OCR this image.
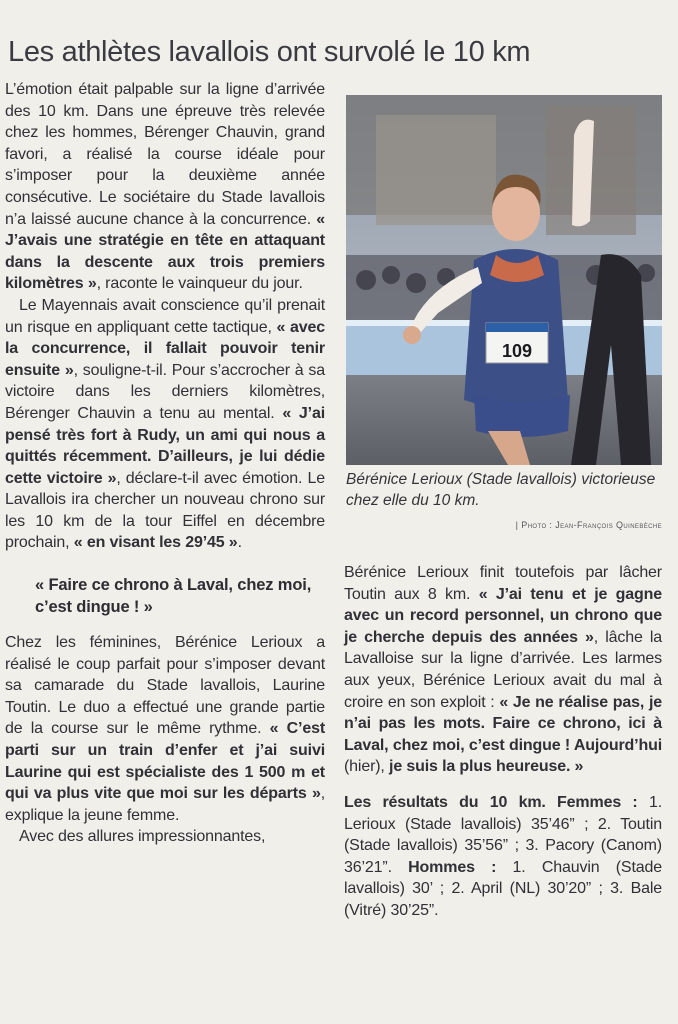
Les athlètes lavallois ont survolé le 10 km

L’émotion était palpable sur la ligne d’arrivée des 10 km. Dans une épreuve très relevée chez les hommes, Bérenger Chauvin, grand favori, a réalisé la course idéale pour s’imposer pour la deuxième année consécutive. Le sociétaire du Stade lavallois n’a laissé aucune chance à la concurrence. « J’avais une stratégie en tête en attaquant dans la descente aux trois premiers kilomètres », raconte le vainqueur du jour.

Le Mayennais avait conscience qu’il prenait un risque en appliquant cette tactique, « avec la concurrence, il fallait pouvoir tenir ensuite », souligne-t-il. Pour s’accrocher à sa victoire dans les derniers kilomètres, Bérenger Chauvin a tenu au mental. « J’ai pensé très fort à Rudy, un ami qui nous a quittés récemment. D’ailleurs, je lui dédie cette victoire », déclare-t-il avec émotion. Le Lavallois ira chercher un nouveau chrono sur les 10 km de la tour Eiffel en décembre prochain, « en visant les 29’45 ».

« Faire ce chrono à Laval, chez moi, c’est dingue ! »

Chez les féminines, Bérénice Lerioux a réalisé le coup parfait pour s’imposer devant sa camarade du Stade lavallois, Laurine Toutin. Le duo a effectué une grande partie de la course sur le même rythme. « C’est parti sur un train d’enfer et j’ai suivi Laurine qui est spécialiste des 1 500 m et qui va plus vite que moi sur les départs », explique la jeune femme.

Avec des allures impressionnantes,

109
Bérénice Lerioux (Stade lavallois) victorieuse chez elle du 10 km.
| Photo : Jean-François Quinebèche

Bérénice Lerioux finit toutefois par lâcher Toutin aux 8 km. « J’ai tenu et je gagne avec un record personnel, un chrono que je cherche depuis des années », lâche la Lavalloise sur la ligne d’arrivée. Les larmes aux yeux, Bérénice Lerioux avait du mal à croire en son exploit : « Je ne réalise pas, je n’ai pas les mots. Faire ce chrono, ici à Laval, chez moi, c’est dingue ! Aujourd’hui (hier), je suis la plus heureuse. »

Les résultats du 10 km. Femmes : 1. Lerioux (Stade lavallois) 35’46” ; 2. Toutin (Stade lavallois) 35’56” ; 3. Pacory (Canom) 36’21”. Hommes : 1. Chauvin (Stade lavallois) 30’ ; 2. April (NL) 30’20” ; 3. Bale (Vitré) 30’25”.
